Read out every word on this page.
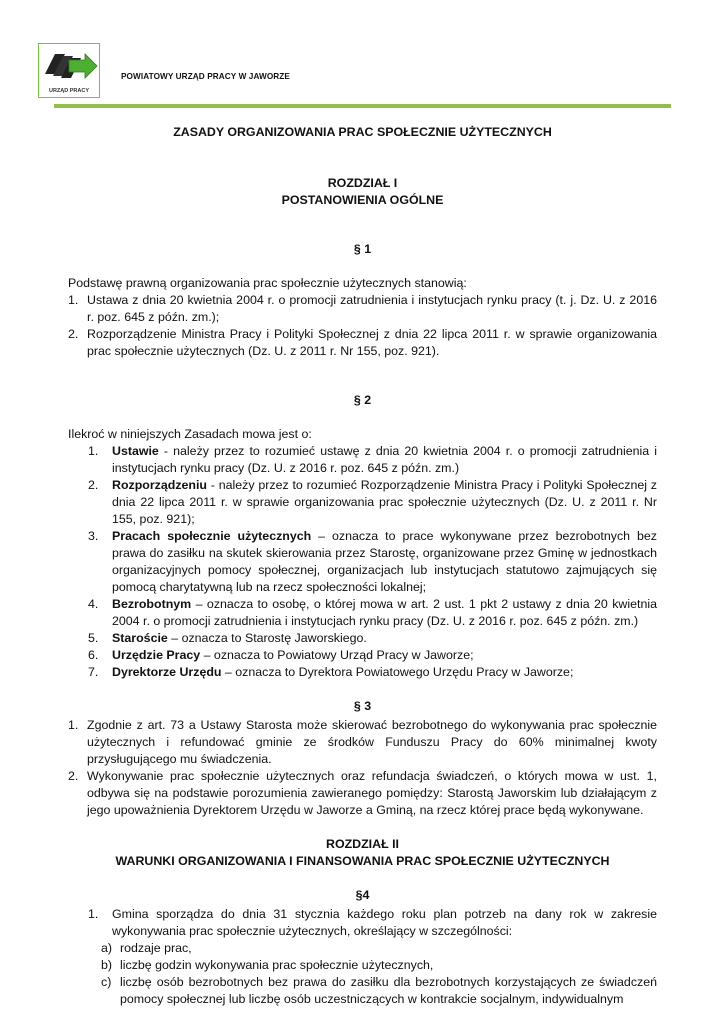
URZĄD PRACY
POWIATOWY URZĄD PRACY W JAWORZE
ZASADY ORGANIZOWANIA PRAC SPOŁECZNIE UŻYTECZNYCH
ROZDZIAŁ I
POSTANOWIENIA OGÓLNE
§ 1
Podstawę prawną organizowania prac społecznie użytecznych stanowią:
1. Ustawa z dnia 20 kwietnia 2004 r. o promocji zatrudnienia i instytucjach rynku pracy (t. j. Dz. U. z 2016 r. poz. 645 z późn. zm.);
2. Rozporządzenie Ministra Pracy i Polityki Społecznej z dnia 22 lipca 2011 r. w sprawie organizowania prac społecznie użytecznych (Dz. U. z 2011 r. Nr 155, poz. 921).
§ 2
Ilekroć w niniejszych Zasadach mowa jest o:
1. Ustawie - należy przez to rozumieć ustawę z dnia 20 kwietnia 2004 r. o promocji zatrudnienia i instytucjach rynku pracy (Dz. U. z 2016 r. poz. 645 z późn. zm.)
2. Rozporządzeniu - należy przez to rozumieć Rozporządzenie Ministra Pracy i Polityki Społecznej z dnia 22 lipca 2011 r. w sprawie organizowania prac społecznie użytecznych (Dz. U. z 2011 r. Nr 155, poz. 921);
3. Pracach społecznie użytecznych – oznacza to prace wykonywane przez bezrobotnych bez prawa do zasiłku na skutek skierowania przez Starostę, organizowane przez Gminę w jednostkach organizacyjnych pomocy społecznej, organizacjach lub instytucjach statutowo zajmujących się pomocą charytatywną lub na rzecz społeczności lokalnej;
4. Bezrobotnym – oznacza to osobę, o której mowa w art. 2 ust. 1 pkt 2 ustawy z dnia 20 kwietnia 2004 r. o promocji zatrudnienia i instytucjach rynku pracy (Dz. U. z 2016 r. poz. 645 z późn. zm.)
5. Staroście – oznacza to Starostę Jaworskiego.
6. Urzędzie Pracy – oznacza to Powiatowy Urząd Pracy w Jaworze;
7. Dyrektorze Urzędu – oznacza to Dyrektora Powiatowego Urzędu Pracy w Jaworze;
§ 3
1. Zgodnie z art. 73 a Ustawy Starosta może skierować bezrobotnego do wykonywania prac społecznie użytecznych i refundować gminie ze środków Funduszu Pracy do 60% minimalnej kwoty przysługującego mu świadczenia.
2. Wykonywanie prac społecznie użytecznych oraz refundacja świadczeń, o których mowa w ust. 1, odbywa się na podstawie porozumienia zawieranego pomiędzy: Starostą Jaworskim lub działającym z jego upoważnienia Dyrektorem Urzędu w Jaworze a Gminą, na rzecz której prace będą wykonywane.
ROZDZIAŁ II
WARUNKI ORGANIZOWANIA I FINANSOWANIA PRAC SPOŁECZNIE UŻYTECZNYCH
§4
1. Gmina sporządza do dnia 31 stycznia każdego roku plan potrzeb na dany rok w zakresie wykonywania prac społecznie użytecznych, określający w szczególności:
a) rodzaje prac,
b) liczbę godzin wykonywania prac społecznie użytecznych,
c) liczbę osób bezrobotnych bez prawa do zasiłku dla bezrobotnych korzystających ze świadczeń pomocy społecznej lub liczbę osób uczestniczących w kontrakcie socjalnym, indywidualnym
